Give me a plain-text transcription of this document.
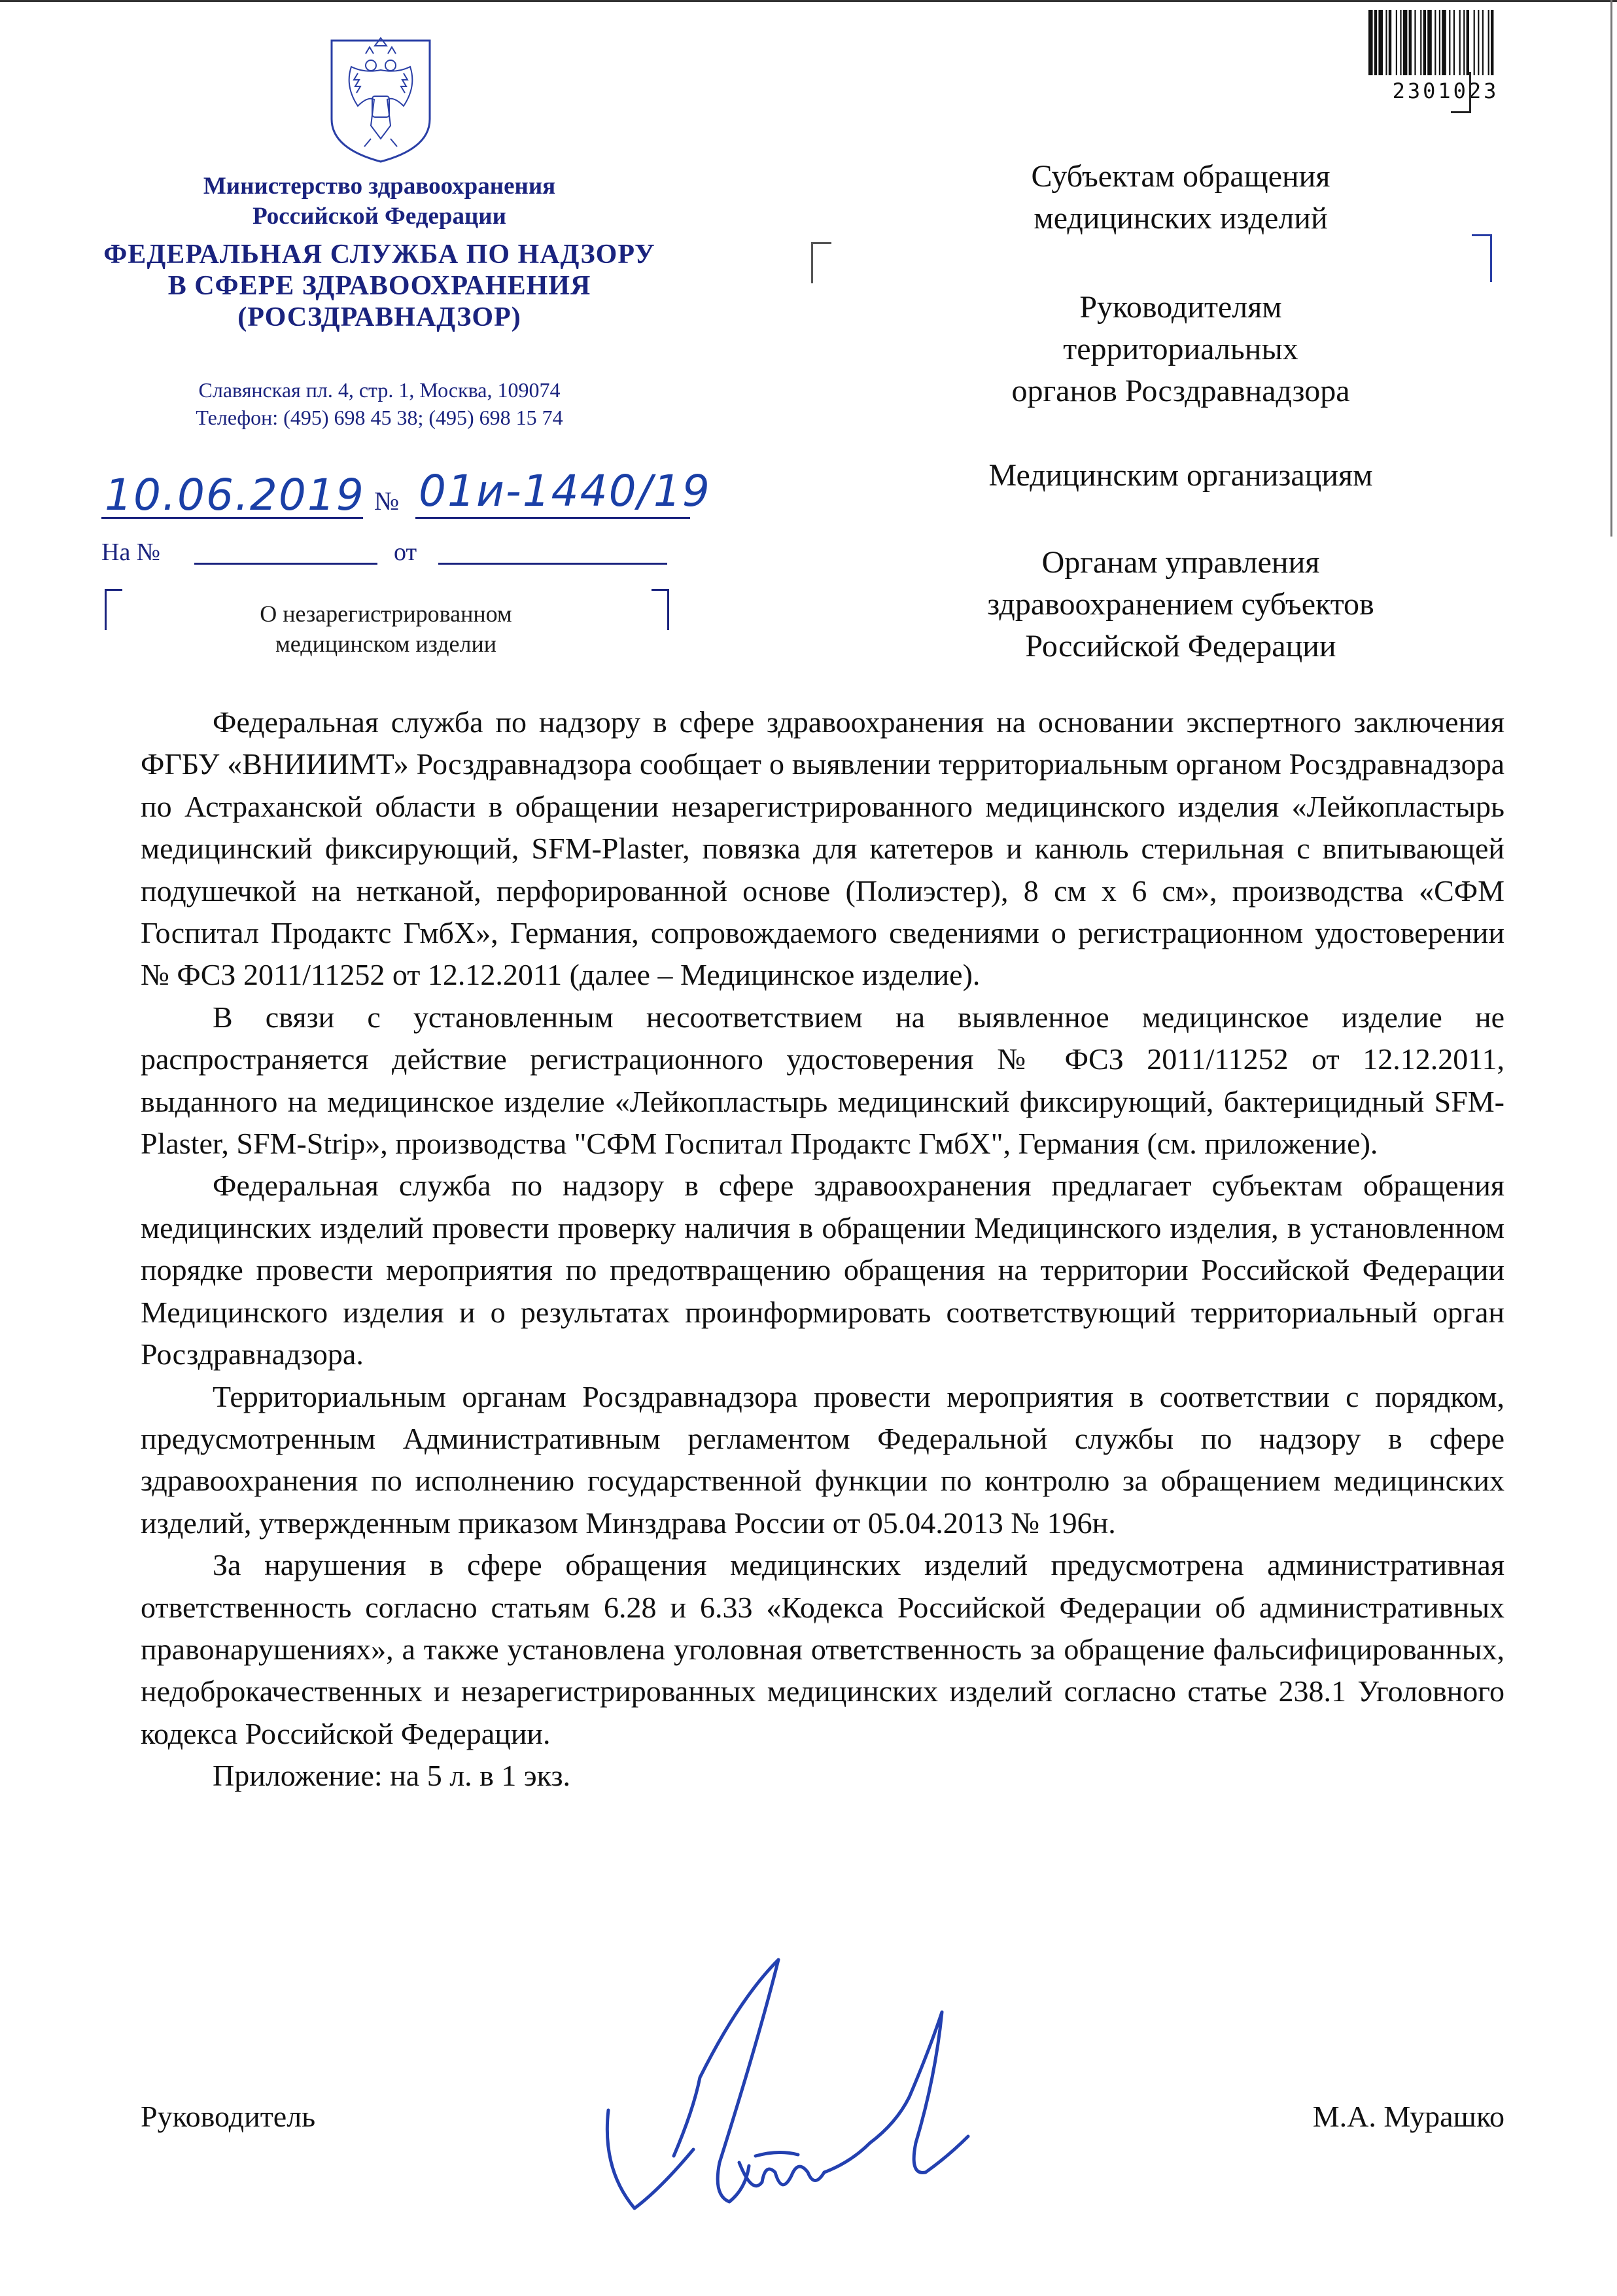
Министерство здравоохранения
Российской Федерации
ФЕДЕРАЛЬНАЯ СЛУЖБА ПО НАДЗОРУ
В СФЕРЕ ЗДРАВООХРАНЕНИЯ
(РОСЗДРАВНАДЗОР)
Славянская пл. 4, стр. 1, Москва, 109074
Телефон: (495) 698 45 38; (495) 698 15 74
10.06.2019 № 01и-1440/19
На №	от
О незарегистрированном
медицинском изделии
2301023
Субъектам обращения
медицинских изделий
Руководителям
территориальных
органов Росздравнадзора
Медицинским организациям
Органам управления
здравоохранением субъектов
Российской Федерации

Федеральная служба по надзору в сфере здравоохранения на основании экспертного заключения ФГБУ «ВНИИИМТ» Росздравнадзора сообщает о выявлении территориальным органом Росздравнадзора по Астраханской области в обращении незарегистрированного медицинского изделия «Лейкопластырь медицинский фиксирующий, SFM-Plaster, повязка для катетеров и канюль стерильная с впитывающей подушечкой на нетканой, перфорированной основе (Полиэстер), 8 см х 6 см», производства «СФМ Госпитал Продактс ГмбХ», Германия, сопровождаемого сведениями о регистрационном удостоверении № ФСЗ 2011/11252 от 12.12.2011 (далее – Медицинское изделие).

В связи с установленным несоответствием на выявленное медицинское изделие не распространяется действие регистрационного удостоверения № ФСЗ 2011/11252 от 12.12.2011, выданного на медицинское изделие «Лейкопластырь медицинский фиксирующий, бактерицидный SFM-Plaster, SFM-Strip», производства "СФМ Госпитал Продактс ГмбХ", Германия (см. приложение).

Федеральная служба по надзору в сфере здравоохранения предлагает субъектам обращения медицинских изделий провести проверку наличия в обращении Медицинского изделия, в установленном порядке провести мероприятия по предотвращению обращения на территории Российской Федерации Медицинского изделия и о результатах проинформировать соответствующий территориальный орган Росздравнадзора.

Территориальным органам Росздравнадзора провести мероприятия в соответствии с порядком, предусмотренным Административным регламентом Федеральной службы по надзору в сфере здравоохранения по исполнению государственной функции по контролю за обращением медицинских изделий, утвержденным приказом Минздрава России от 05.04.2013 № 196н.

За нарушения в сфере обращения медицинских изделий предусмотрена административная ответственность согласно статьям 6.28 и 6.33 «Кодекса Российской Федерации об административных правонарушениях», а также установлена уголовная ответственность за обращение фальсифицированных, недоброкачественных и незарегистрированных медицинских изделий согласно статье 238.1 Уголовного кодекса Российской Федерации.

Приложение: на 5 л. в 1 экз.

Руководитель	М.А. Мурашко
